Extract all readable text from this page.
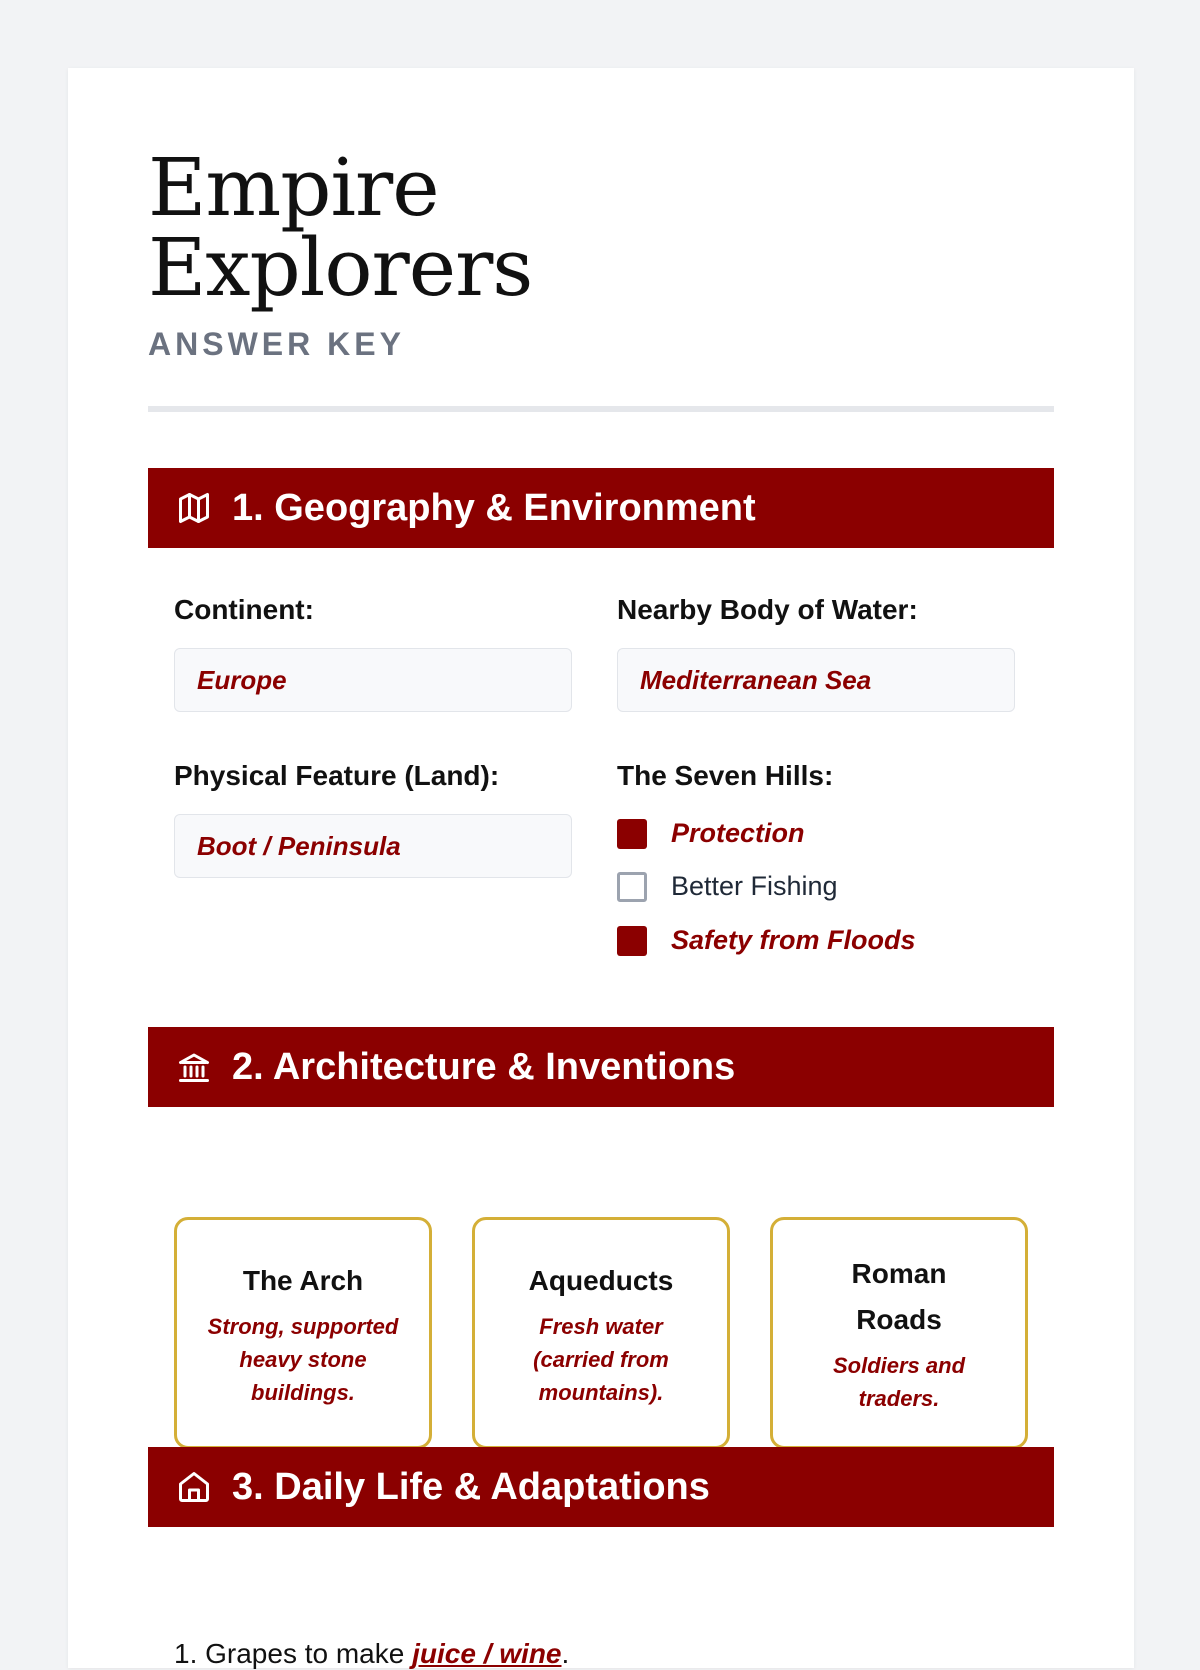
Empire
Explorers
ANSWER KEY
1. Geography & Environment
Continent:
Europe
Nearby Body of Water:
Mediterranean Sea
Physical Feature (Land):
Boot / Peninsula
The Seven Hills:
Protection
Better Fishing
Safety from Floods
2. Architecture & Inventions
The Arch
Strong, supported heavy stone buildings.
Aqueducts
Fresh water (carried from mountains).
Roman Roads
Soldiers and traders.
3. Daily Life & Adaptations
1. Grapes to make juice / wine.
